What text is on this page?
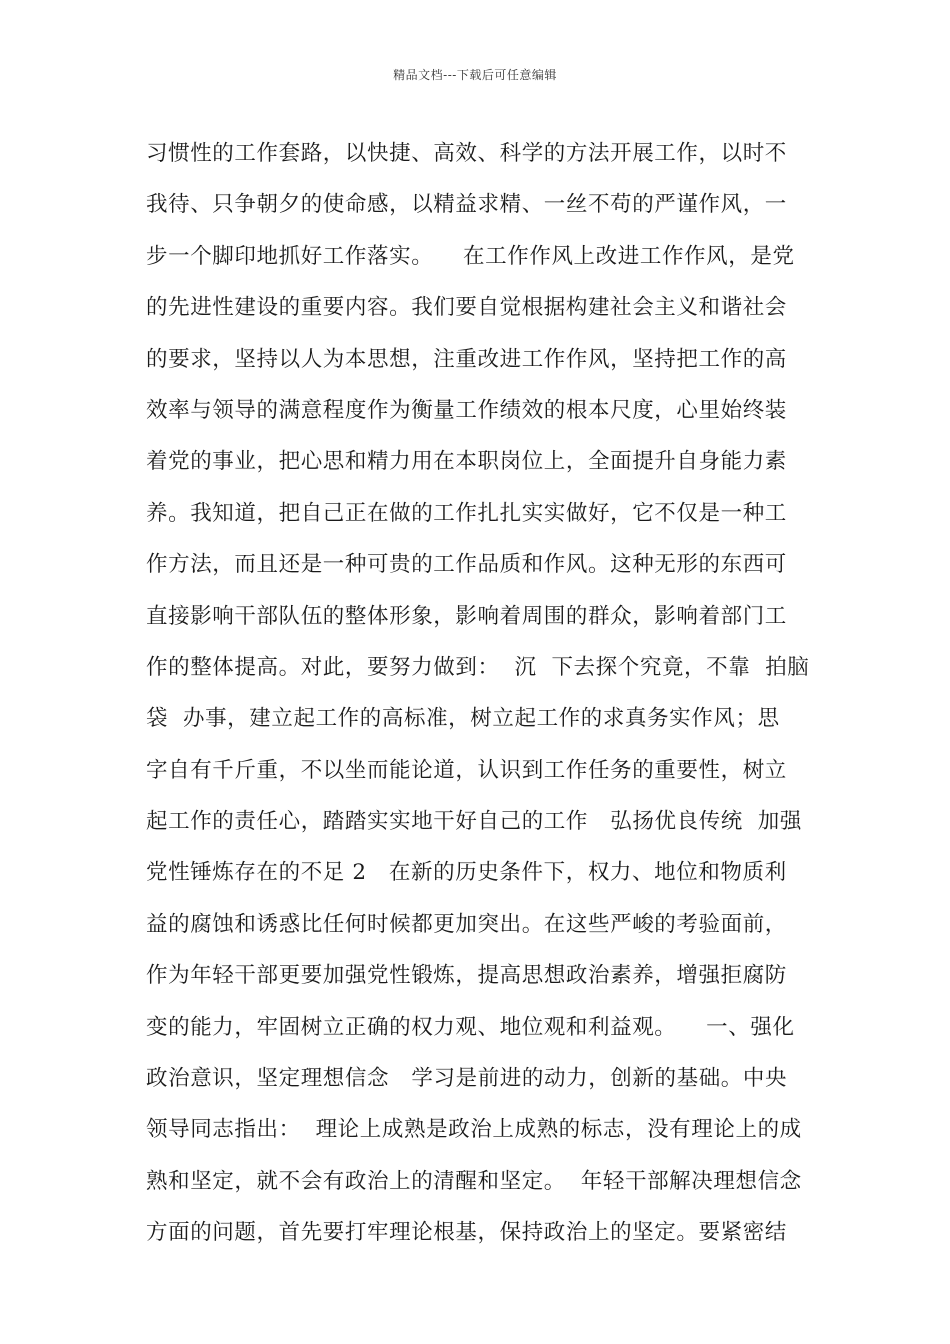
精品文档---下载后可任意编辑
习惯性的工作套路，以快捷、高效、科学的方法开展工作，以时不
我待、只争朝夕的使命感，以精益求精、一丝不苟的严谨作风，一
步一个脚印地抓好工作落实。    在工作作风上改进工作作风，是党
的先进性建设的重要内容。我们要自觉根据构建社会主义和谐社会
的要求，坚持以人为本思想，注重改进工作作风，坚持把工作的高
效率与领导的满意程度作为衡量工作绩效的根本尺度，心里始终装
着党的事业，把心思和精力用在本职岗位上，全面提升自身能力素
养。我知道，把自己正在做的工作扎扎实实做好，它不仅是一种工
作方法，而且还是一种可贵的工作品质和作风。这种无形的东西可
直接影响干部队伍的整体形象，影响着周围的群众，影响着部门工
作的整体提高。对此，要努力做到：  沉  下去探个究竟，不靠  拍脑
袋  办事，建立起工作的高标准，树立起工作的求真务实作风；思
字自有千斤重，不以坐而能论道，认识到工作任务的重要性，树立
起工作的责任心，踏踏实实地干好自己的工作   弘扬优良传统  加强
党性锤炼存在的不足 2   在新的历史条件下，权力、地位和物质利
益的腐蚀和诱惑比任何时候都更加突出。在这些严峻的考验面前，
作为年轻干部更要加强党性锻炼，提高思想政治素养，增强拒腐防
变的能力，牢固树立正确的权力观、地位观和利益观。    一、强化
政治意识，坚定理想信念   学习是前进的动力，创新的基础。中央
领导同志指出：  理论上成熟是政治上成熟的标志，没有理论上的成
熟和坚定，就不会有政治上的清醒和坚定。  年轻干部解决理想信念
方面的问题，首先要打牢理论根基，保持政治上的坚定。要紧密结
